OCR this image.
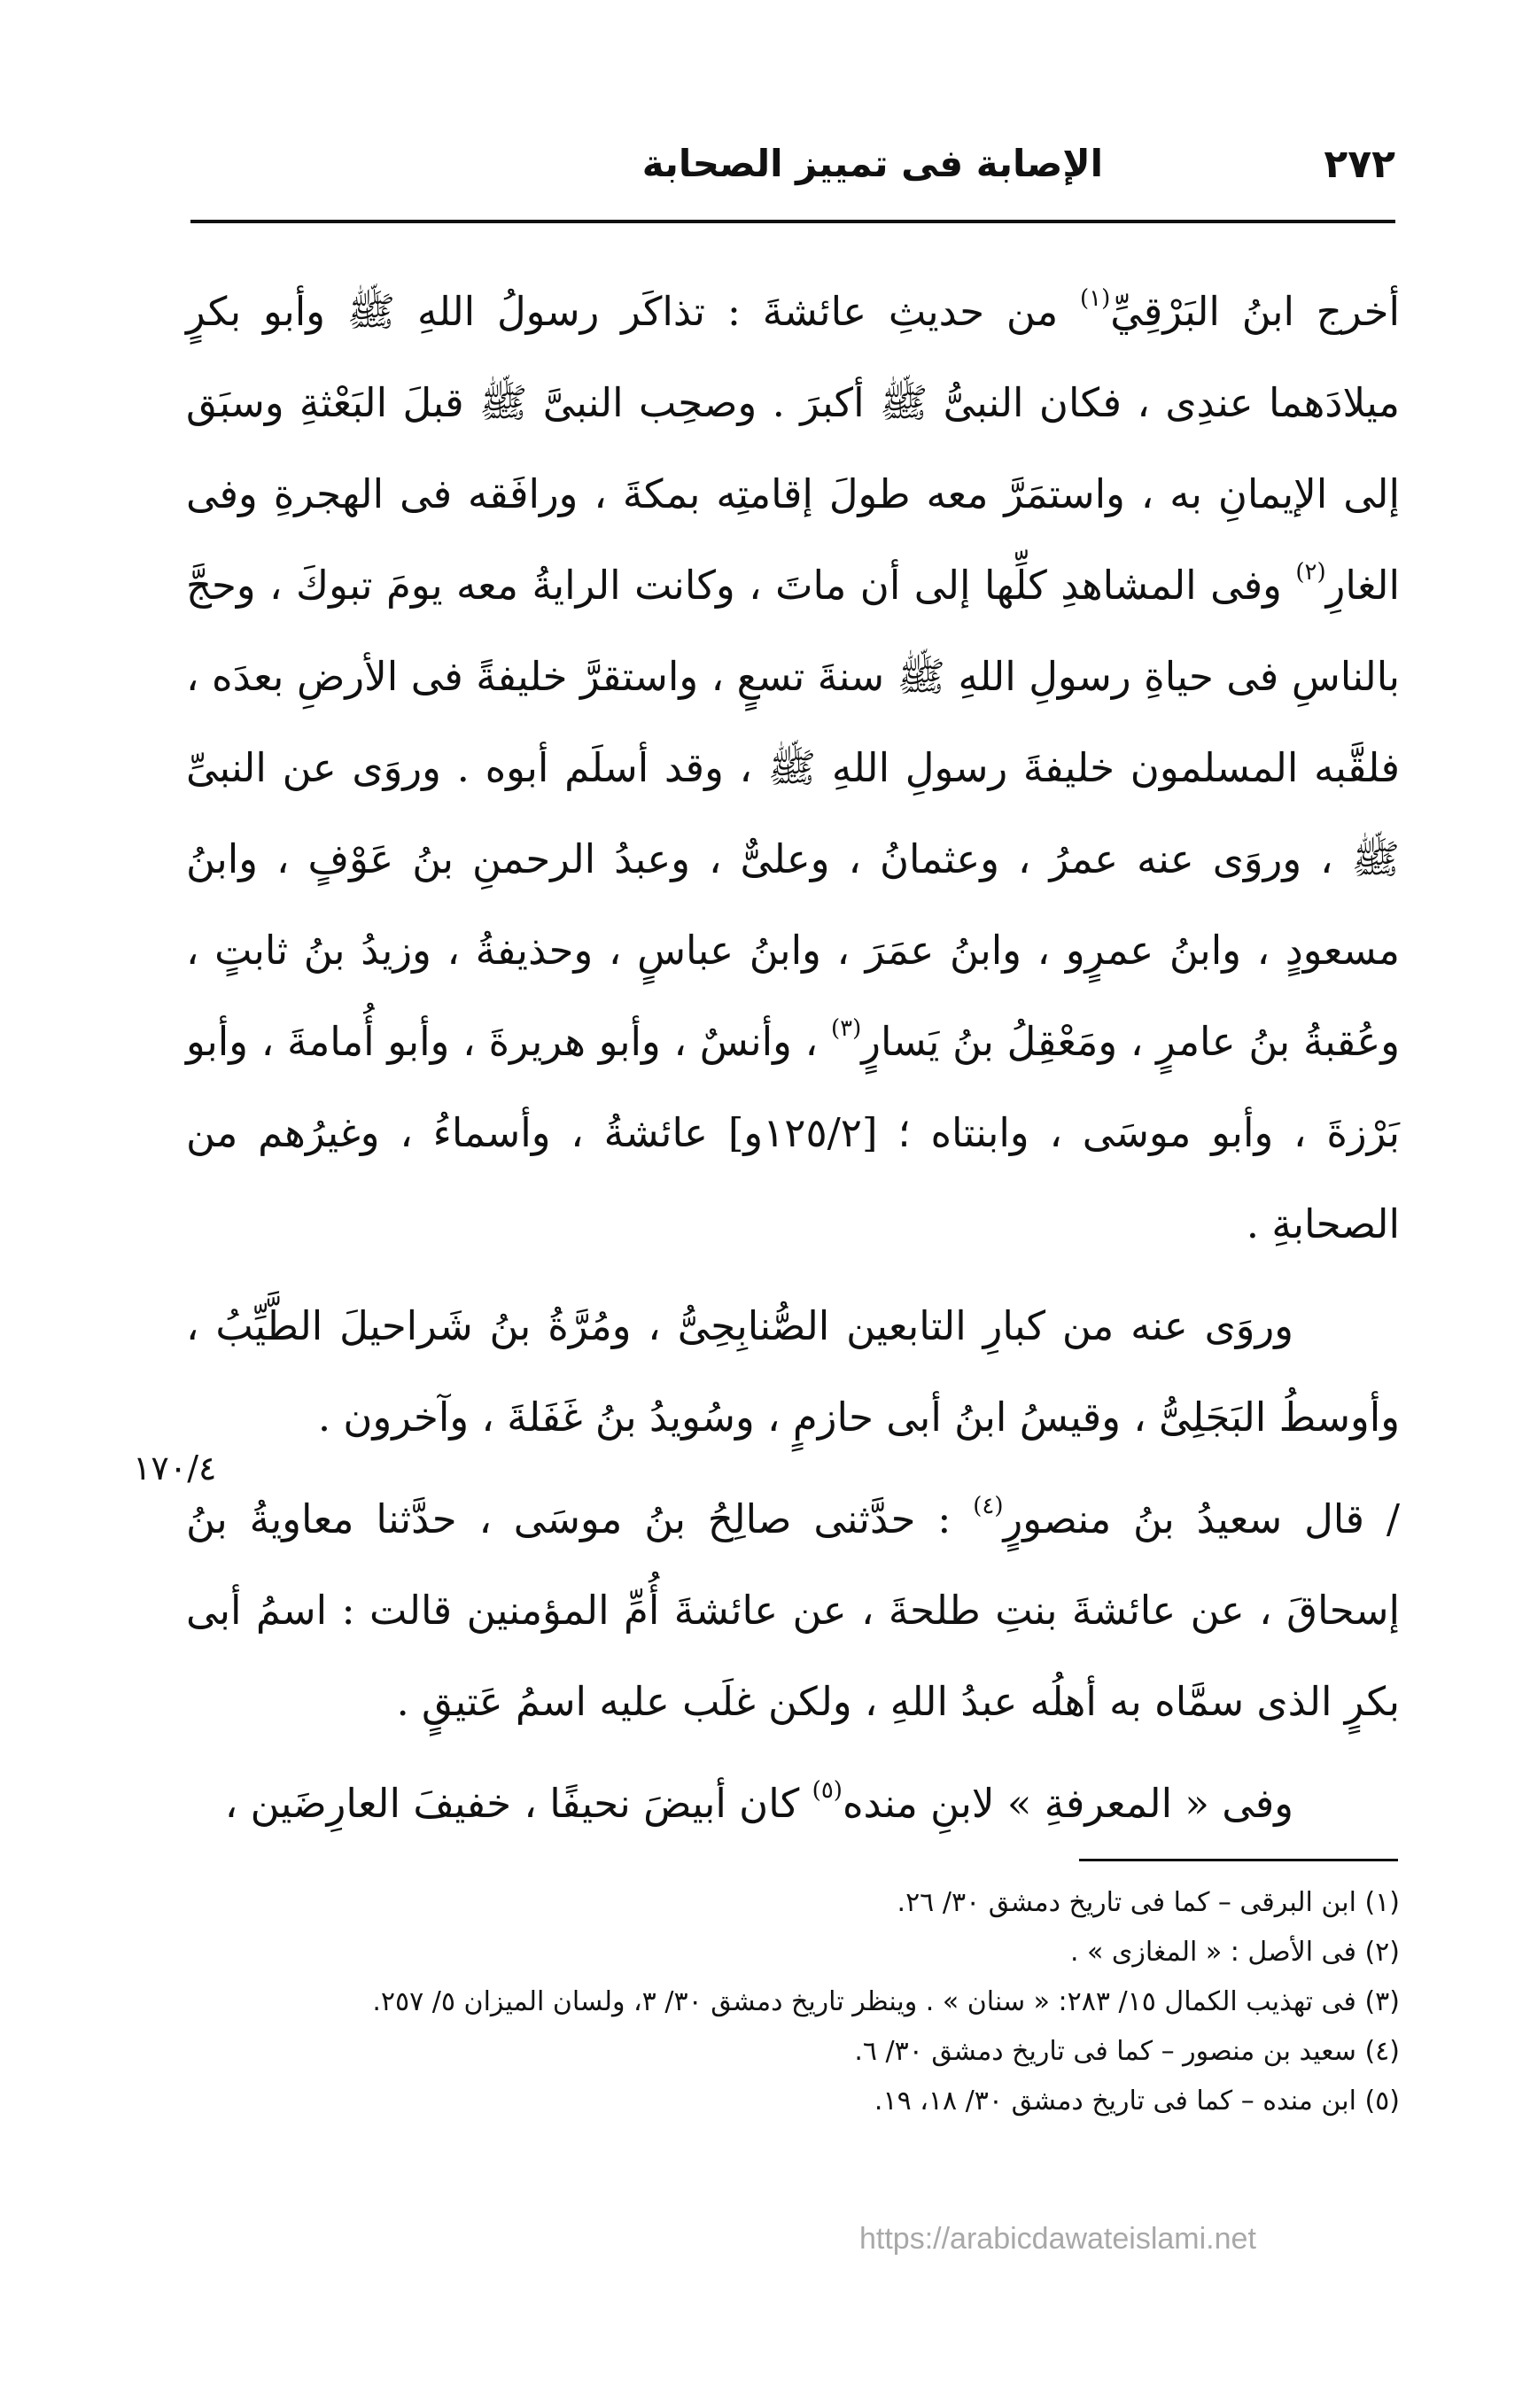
٢٧٢
الإصابة فى تمييز الصحابة

أخرج ابنُ البَرْقِيِّ$^{(١)}$ من حديثِ عائشةَ : تذاكَر رسولُ اللهِ ﷺ وأبو بكرٍ ميلادَهما عندِى ، فكان النبىُّ ﷺ أكبرَ . وصحِب النبىَّ ﷺ قبلَ البَعْثةِ وسبَق إلى الإيمانِ به ، واستمَرَّ معه طولَ إقامتِه بمكةَ ، ورافَقه فى الهجرةِ وفى الغارِ$^{(٢)}$ وفى المشاهدِ كلِّها إلى أن ماتَ ، وكانت الرايةُ معه يومَ تبوكَ ، وحجَّ بالناسِ فى حياةِ رسولِ اللهِ ﷺ سنةَ تسعٍ ، واستقرَّ خليفةً فى الأرضِ بعدَه ، فلقَّبه المسلمون خليفةَ رسولِ اللهِ ﷺ ، وقد أسلَم أبوه . وروَى عن النبىِّ ﷺ ، وروَى عنه عمرُ ، وعثمانُ ، وعلىٌّ ، وعبدُ الرحمنِ بنُ عَوْفٍ ، وابنُ مسعودٍ ، وابنُ عمرٍو ، وابنُ عمَرَ ، وابنُ عباسٍ ، وحذيفةُ ، وزيدُ بنُ ثابتٍ ، وعُقبةُ بنُ عامرٍ ، ومَعْقِلُ بنُ يَسارٍ$^{(٣)}$ ، وأنسٌ ، وأبو هريرةَ ، وأبو أُمامةَ ، وأبو بَرْزةَ ، وأبو موسَى ، وابنتاه ؛ [١٢٥/٢و] عائشةُ ، وأسماءُ ، وغيرُهم من الصحابةِ .

وروَى عنه من كبارِ التابعين الصُّنابِحِىُّ ، ومُرَّةُ بنُ شَراحيلَ الطَّيِّبُ ، وأوسطُ البَجَلِىُّ ، وقيسُ ابنُ أبى حازمٍ ، وسُويدُ بنُ غَفَلةَ ، وآخرون .

/ قال سعيدُ بنُ منصورٍ$^{(٤)}$ : حدَّثنى صالِحُ بنُ موسَى ، حدَّثنا معاويةُ بنُ إسحاقَ ، عن عائشةَ بنتِ طلحةَ ، عن عائشةَ أُمِّ المؤمنين قالت : اسمُ أبى بكرٍ الذى سمَّاه به أهلُه عبدُ اللهِ ، ولكن غلَب عليه اسمُ عَتيقٍ .

وفى « المعرفةِ » لابنِ منده$^{(٥)}$ كان أبيضَ نحيفًا ، خفيفَ العارِضَين ،

١٧٠/٤

(١) ابن البرقى – كما فى تاريخ دمشق ٣٠/ ٢٦.

(٢) فى الأصل : « المغازى » .

(٣) فى تهذيب الكمال ١٥/ ٢٨٣: « سنان » . وينظر تاريخ دمشق ٣٠/ ٣، ولسان الميزان ٥/ ٢٥٧.

(٤) سعيد بن منصور – كما فى تاريخ دمشق ٣٠/ ٦.

(٥) ابن منده – كما فى تاريخ دمشق ٣٠/ ١٨، ١٩.

https://arabicdawateislami.net
